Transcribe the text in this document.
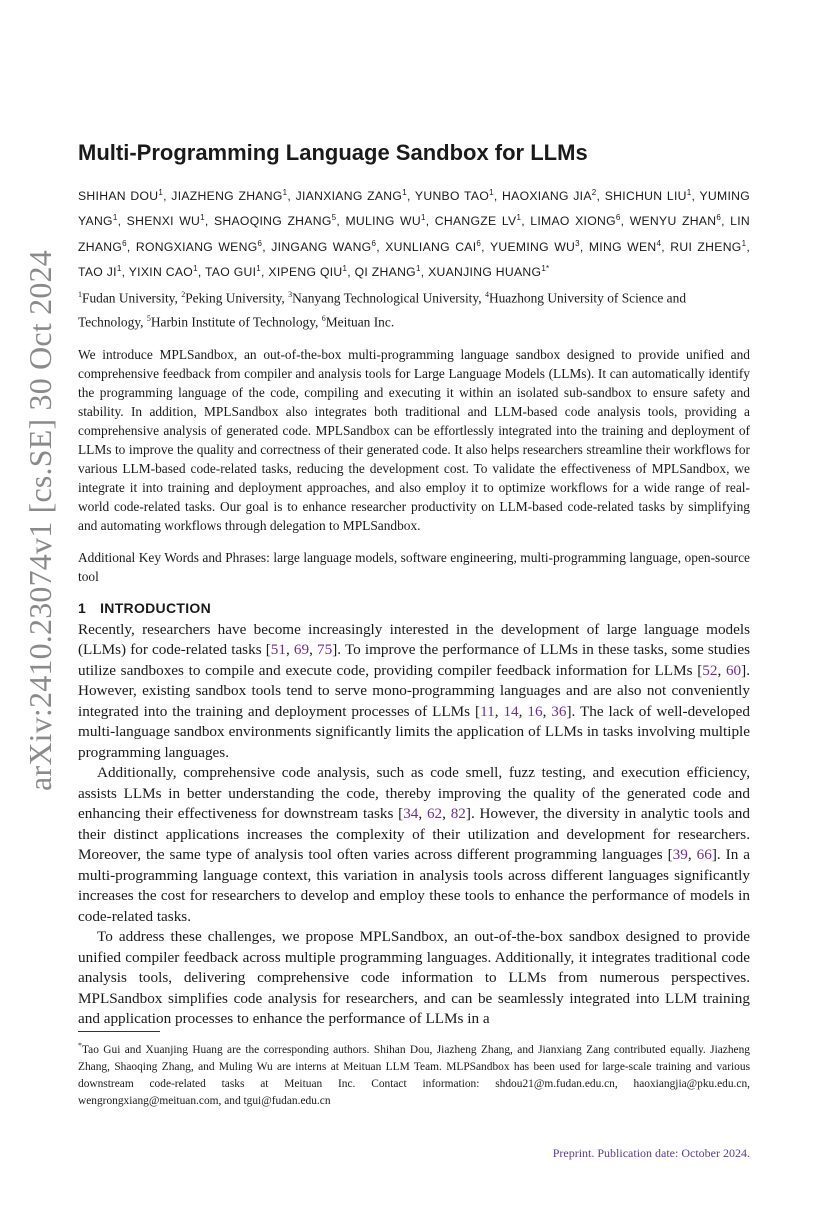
arXiv:2410.23074v1 [cs.SE] 30 Oct 2024
Multi-Programming Language Sandbox for LLMs
SHIHAN DOU$^1$, JIAZHENG ZHANG$^1$, JIANXIANG ZANG$^1$, YUNBO TAO$^1$, HAOXIANG JIA$^2$, SHICHUN LIU$^1$, YUMING YANG$^1$, SHENXI $WU^1$, SHAOQING ZHANG$^5$, MULING $WU^1$, CHANGZE $LV^1$, LIMAO XIONG$^6$, WENYU ZHAN$^6$, LIN ZHANG$^6$, RONGXIANG WENG$^6$, JINGANG WANG$^6$, XUNLIANG CAI$^6$, YUEMING $WU^3$, MING WEN$^4$, RUI ZHENG$^1$, TAO $JI^1$, YIXIN CAO$^1$, TAO GUI$^1$, XIPENG QIU$^1$, QI ZHANG$^1$, XUANJING $HUANG^{1*}$
$^1$Fudan University, $^2$Peking University, $^3$Nanyang Technological University, $^4$Huazhong University of Science and Technology, $^5$Harbin Institute of Technology, $^6$Meituan Inc.

We introduce MPLSandbox, an out-of-the-box multi-programming language sandbox designed to provide unified and comprehensive feedback from compiler and analysis tools for Large Language Models (LLMs). It can automatically identify the programming language of the code, compiling and executing it within an isolated sub-sandbox to ensure safety and stability. In addition, MPLSandbox also integrates both traditional and LLM-based code analysis tools, providing a comprehensive analysis of generated code. MPLSandbox can be effortlessly integrated into the training and deployment of LLMs to improve the quality and correctness of their generated code. It also helps researchers streamline their workflows for various LLM-based code-related tasks, reducing the development cost. To validate the effectiveness of MPLSandbox, we integrate it into training and deployment approaches, and also employ it to optimize workflows for a wide range of real-world code-related tasks. Our goal is to enhance researcher productivity on LLM-based code-related tasks by simplifying and automating workflows through delegation to MPLSandbox.

Additional Key Words and Phrases: large language models, software engineering, multi-programming language, open-source tool

1 INTRODUCTION

Recently, researchers have become increasingly interested in the development of large language models (LLMs) for code-related tasks [51, 69, 75]. To improve the performance of LLMs in these tasks, some studies utilize sandboxes to compile and execute code, providing compiler feedback information for LLMs [52, 60]. However, existing sandbox tools tend to serve mono-programming languages and are also not conveniently integrated into the training and deployment processes of LLMs [11, 14, 16, 36]. The lack of well-developed multi-language sandbox environments significantly limits the application of LLMs in tasks involving multiple programming languages.

Additionally, comprehensive code analysis, such as code smell, fuzz testing, and execution efficiency, assists LLMs in better understanding the code, thereby improving the quality of the generated code and enhancing their effectiveness for downstream tasks [34, 62, 82]. However, the diversity in analytic tools and their distinct applications increases the complexity of their utilization and development for researchers. Moreover, the same type of analysis tool often varies across different programming languages [39, 66]. In a multi-programming language context, this variation in analysis tools across different languages significantly increases the cost for researchers to develop and employ these tools to enhance the performance of models in code-related tasks.

To address these challenges, we propose MPLSandbox, an out-of-the-box sandbox designed to provide unified compiler feedback across multiple programming languages. Additionally, it integrates traditional code analysis tools, delivering comprehensive code information to LLMs from numerous perspectives. MPLSandbox simplifies code analysis for researchers, and can be seamlessly integrated into LLM training and application processes to enhance the performance of LLMs in a

*Tao Gui and Xuanjing Huang are the corresponding authors. Shihan Dou, Jiazheng Zhang, and Jianxiang Zang contributed equally. Jiazheng Zhang, Shaoqing Zhang, and Muling Wu are interns at Meituan LLM Team. MLPSandbox has been used for large-scale training and various downstream code-related tasks at Meituan Inc. Contact information: shdou21@m.fudan.edu.cn, haoxiangjia@pku.edu.cn, wengrongxiang@meituan.com, and tgui@fudan.edu.cn
Preprint. Publication date: October 2024.
